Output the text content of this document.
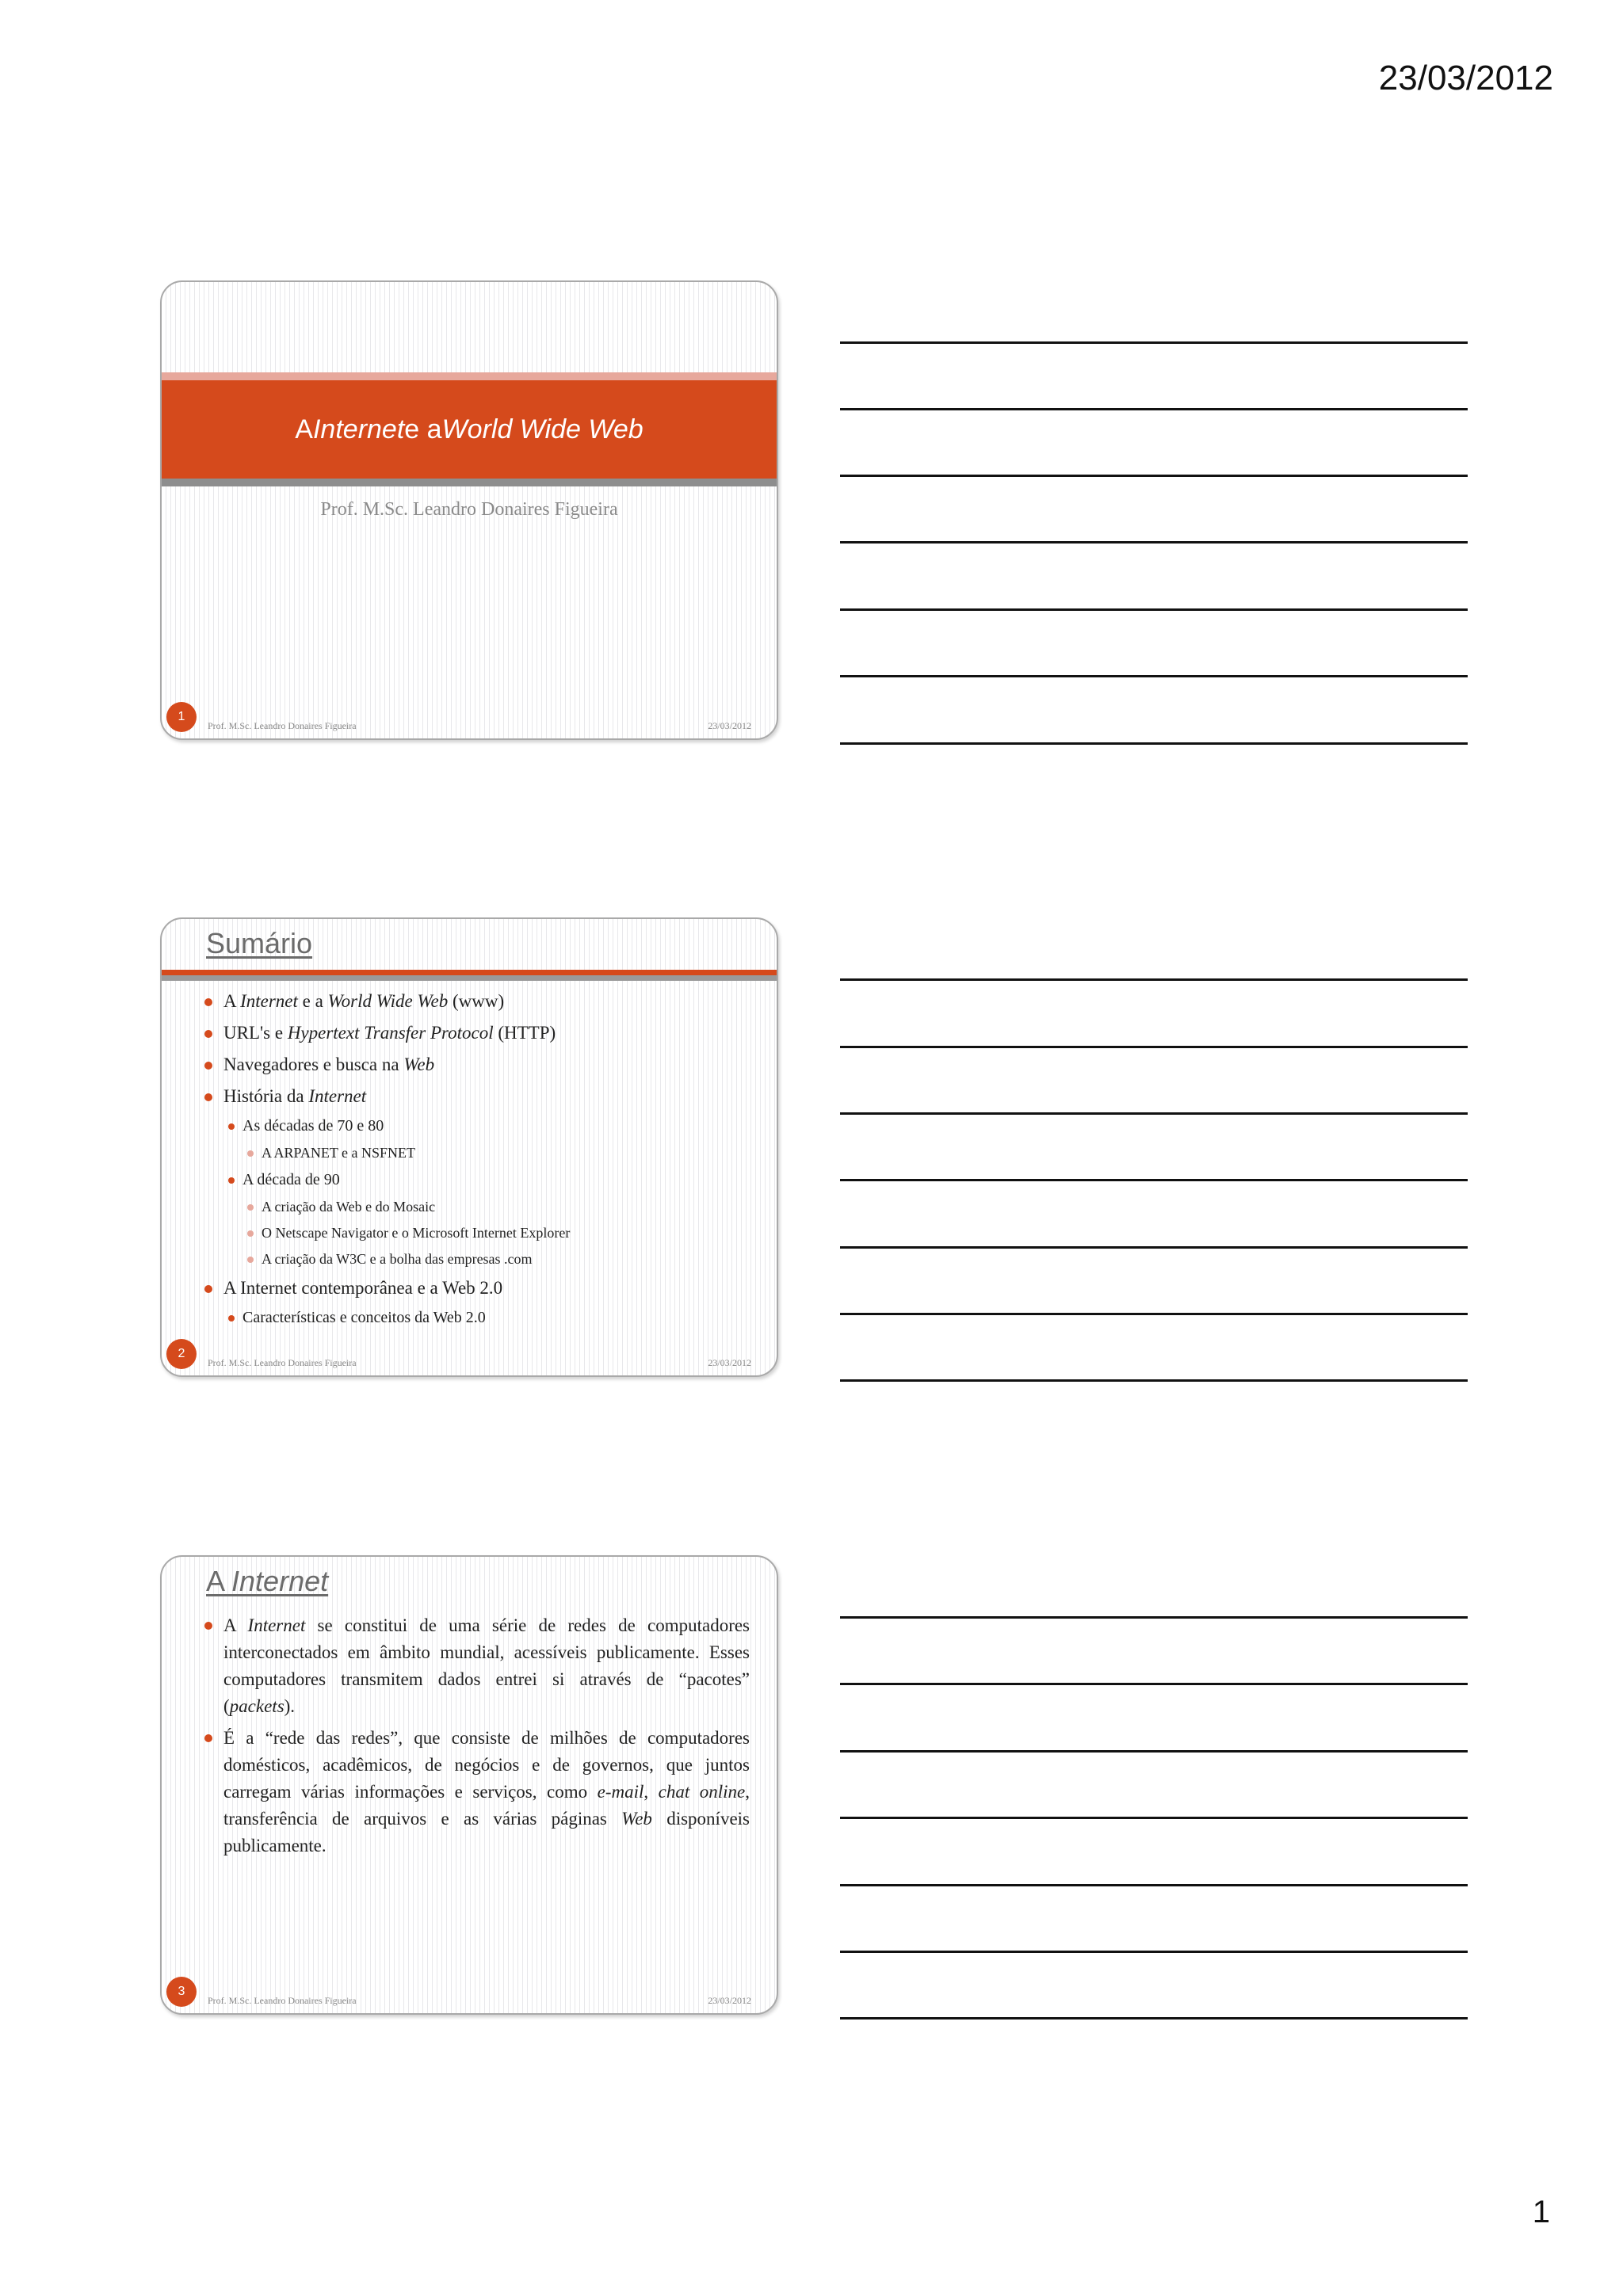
23/03/2012
A Internet e a World Wide Web
Prof. M.Sc. Leandro Donaires Figueira
1
Prof. M.Sc. Leandro Donaires Figueira	23/03/2012
Sumário
A Internet e a World Wide Web (www)
URL's e Hypertext Transfer Protocol (HTTP)
Navegadores e busca na Web
História da Internet
As décadas de 70 e 80
A ARPANET e a NSFNET
A década de 90
A criação da Web e do Mosaic
O Netscape Navigator e o Microsoft Internet Explorer
A criação da W3C e a bolha das empresas .com
A Internet contemporânea e a Web 2.0
Características e conceitos da Web 2.0
2
Prof. M.Sc. Leandro Donaires Figueira	23/03/2012
A Internet
A Internet se constitui de uma série de redes de computadores interconectados em âmbito mundial, acessíveis publicamente. Esses computadores transmitem dados entrei si através de “pacotes” (packets).
É a “rede das redes”, que consiste de milhões de computadores domésticos, acadêmicos, de negócios e de governos, que juntos carregam várias informações e serviços, como e-mail, chat online, transferência de arquivos e as várias páginas Web disponíveis publicamente.
3
Prof. M.Sc. Leandro Donaires Figueira	23/03/2012
1
